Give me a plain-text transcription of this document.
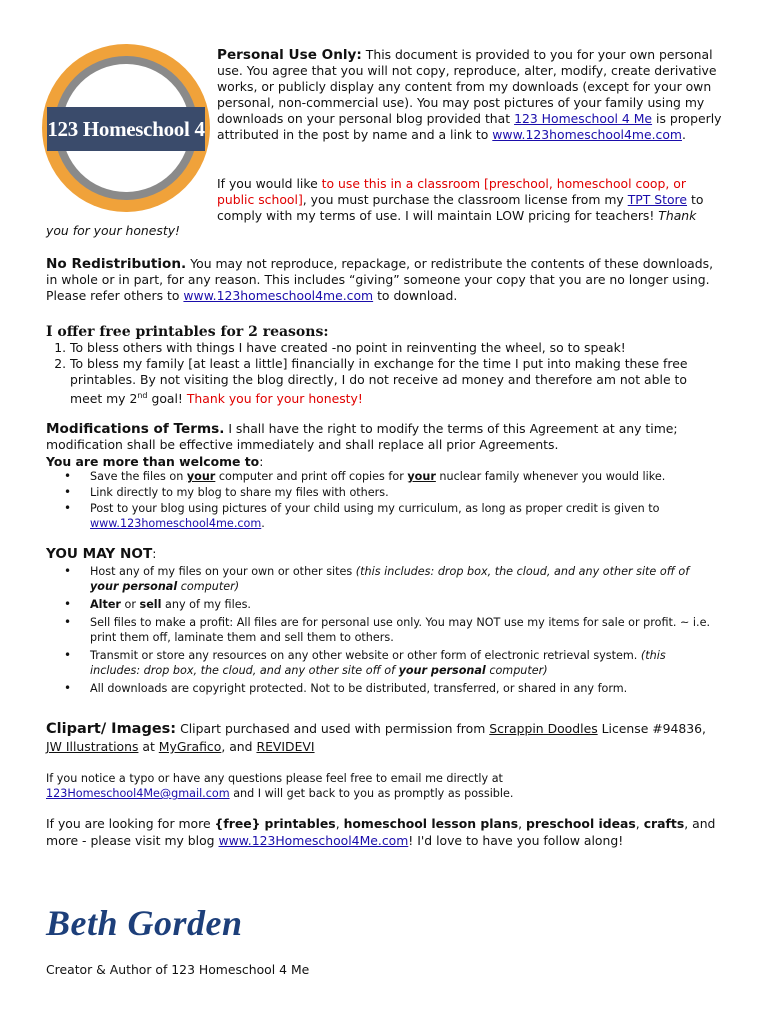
123 Homeschool 4 Me
Personal Use Only: This document is provided to you for your own personal use. You agree that you will not copy, reproduce, alter, modify, create derivative works, or publicly display any content from my downloads (except for your own personal, non-commercial use). You may post pictures of your family using my downloads on your personal blog provided that 123 Homeschool 4 Me is properly attributed in the post by name and a link to www.123homeschool4me.com.
If you would like to use this in a classroom [preschool, homeschool coop, or public school], you must purchase the classroom license from my TPT Store to comply with my terms of use. I will maintain LOW pricing for teachers! Thank
you for your honesty!
No Redistribution. You may not reproduce, repackage, or redistribute the contents of these downloads, in whole or in part, for any reason. This includes “giving” someone your copy that you are no longer using. Please refer others to www.123homeschool4me.com to download.
I offer free printables for 2 reasons:
1. To bless others with things I have created -no point in reinventing the wheel, so to speak!
2. To bless my family [at least a little] financially in exchange for the time I put into making these free printables. By not visiting the blog directly, I do not receive ad money and therefore am not able to meet my 2nd goal! Thank you for your honesty!
Modifications of Terms. I shall have the right to modify the terms of this Agreement at any time; modification shall be effective immediately and shall replace all prior Agreements.
You are more than welcome to:
• Save the files on your computer and print off copies for your nuclear family whenever you would like.
• Link directly to my blog to share my files with others.
• Post to your blog using pictures of your child using my curriculum, as long as proper credit is given to www.123homeschool4me.com.
YOU MAY NOT:
• Host any of my files on your own or other sites (this includes: drop box, the cloud, and any other site off of your personal computer)
• Alter or sell any of my files.
• Sell files to make a profit: All files are for personal use only. You may NOT use my items for sale or profit. ~ i.e. print them off, laminate them and sell them to others.
• Transmit or store any resources on any other website or other form of electronic retrieval system. (this includes: drop box, the cloud, and any other site off of your personal computer)
• All downloads are copyright protected. Not to be distributed, transferred, or shared in any form.
Clipart/ Images: Clipart purchased and used with permission from Scrappin Doodles License #94836,
JW Illustrations at MyGrafico, and REVIDEVI
If you notice a typo or have any questions please feel free to email me directly at 123Homeschool4Me@gmail.com and I will get back to you as promptly as possible.
If you are looking for more {free} printables, homeschool lesson plans, preschool ideas, crafts, and more - please visit my blog www.123Homeschool4Me.com! I'd love to have you follow along!
Beth Gorden
Creator & Author of 123 Homeschool 4 Me
